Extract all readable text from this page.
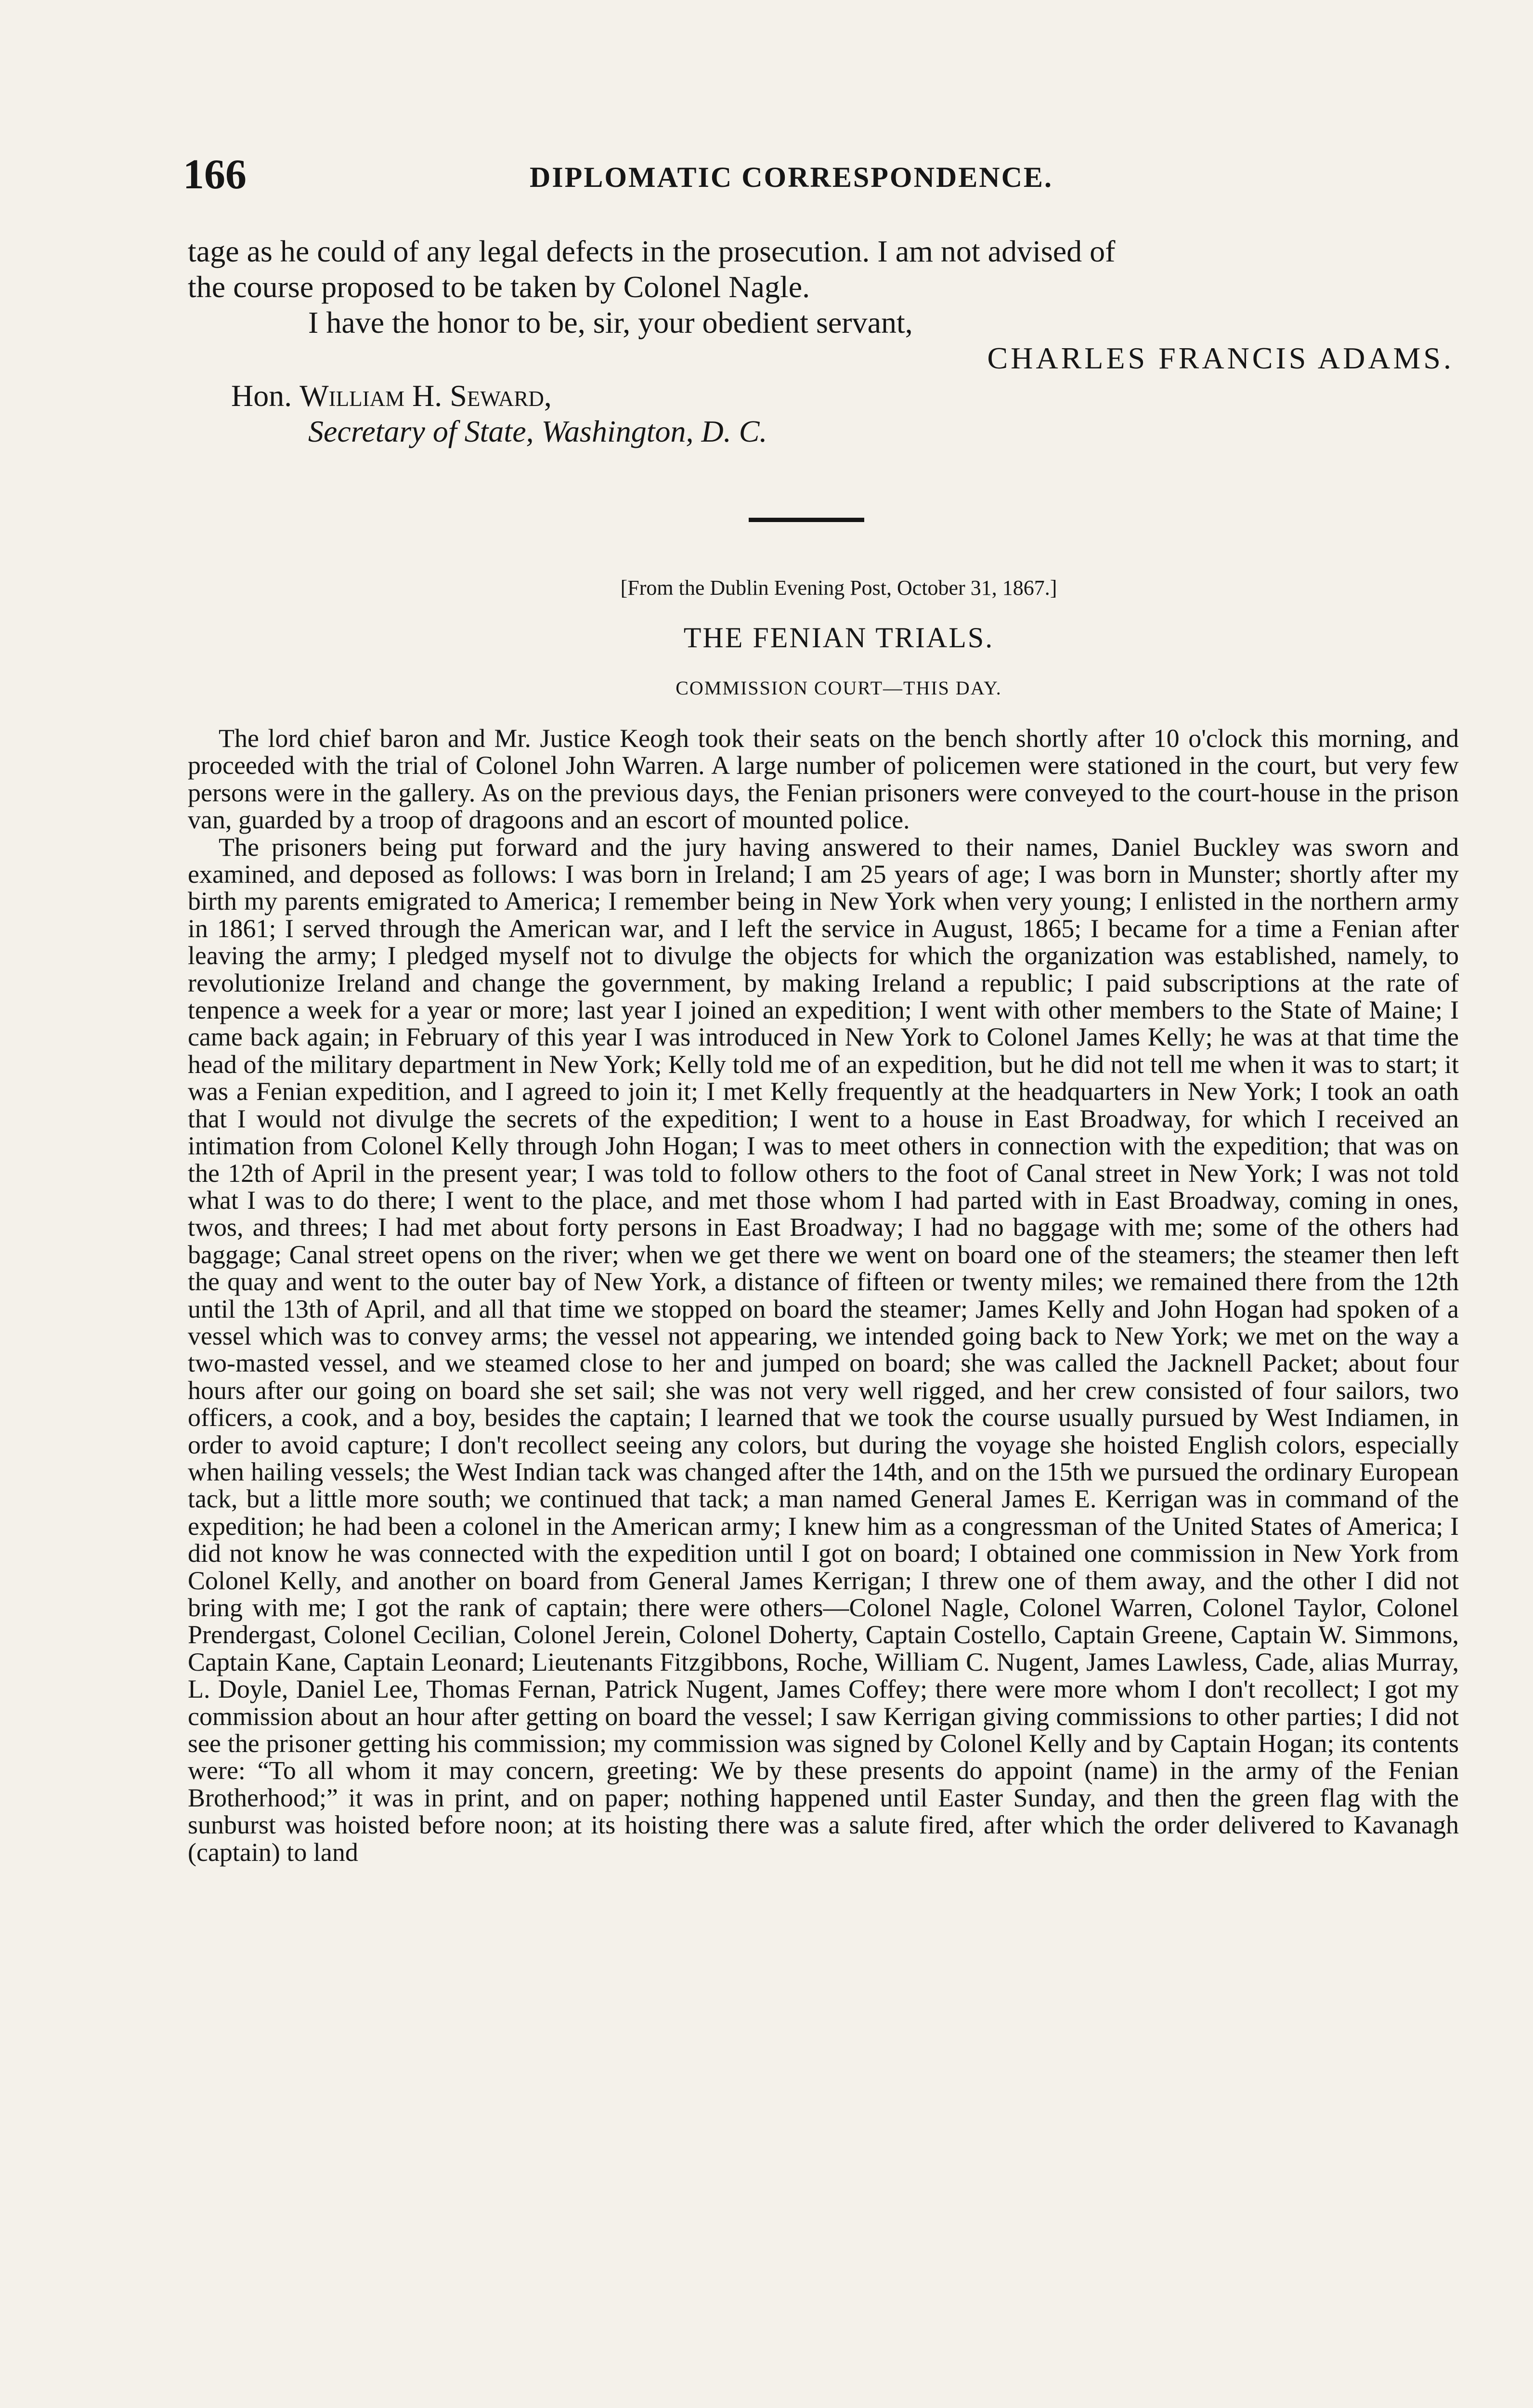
166	DIPLOMATIC CORRESPONDENCE.
tage as he could of any legal defects in the prosecution. I am not advised of
the course proposed to be taken by Colonel Nagle.
I have the honor to be, sir, your obedient servant,
CHARLES FRANCIS ADAMS.
Hon. William H. Seward,
Secretary of State, Washington, D. C.
[From the Dublin Evening Post, October 31, 1867.]
THE FENIAN TRIALS.
COMMISSION COURT—THIS DAY.

The lord chief baron and Mr. Justice Keogh took their seats on the bench shortly after 10 o'clock this morning, and proceeded with the trial of Colonel John Warren. A large number of policemen were stationed in the court, but very few persons were in the gallery. As on the previous days, the Fenian prisoners were conveyed to the court-house in the prison van, guarded by a troop of dragoons and an escort of mounted police.

The prisoners being put forward and the jury having answered to their names, Daniel Buckley was sworn and examined, and deposed as follows: I was born in Ireland; I am 25 years of age; I was born in Munster; shortly after my birth my parents emigrated to America; I remember being in New York when very young; I enlisted in the northern army in 1861; I served through the American war, and I left the service in August, 1865; I became for a time a Fenian after leaving the army; I pledged myself not to divulge the objects for which the organization was established, namely, to revolutionize Ireland and change the government, by making Ireland a republic; I paid subscriptions at the rate of tenpence a week for a year or more; last year I joined an expedition; I went with other members to the State of Maine; I came back again; in February of this year I was introduced in New York to Colonel James Kelly; he was at that time the head of the military department in New York; Kelly told me of an expedition, but he did not tell me when it was to start; it was a Fenian expedition, and I agreed to join it; I met Kelly frequently at the headquarters in New York; I took an oath that I would not divulge the secrets of the expedition; I went to a house in East Broadway, for which I received an intimation from Colonel Kelly through John Hogan; I was to meet others in connection with the expedition; that was on the 12th of April in the present year; I was told to follow others to the foot of Canal street in New York; I was not told what I was to do there; I went to the place, and met those whom I had parted with in East Broadway, coming in ones, twos, and threes; I had met about forty persons in East Broadway; I had no baggage with me; some of the others had baggage; Canal street opens on the river; when we get there we went on board one of the steamers; the steamer then left the quay and went to the outer bay of New York, a distance of fifteen or twenty miles; we remained there from the 12th until the 13th of April, and all that time we stopped on board the steamer; James Kelly and John Hogan had spoken of a vessel which was to convey arms; the vessel not appearing, we intended going back to New York; we met on the way a two-masted vessel, and we steamed close to her and jumped on board; she was called the Jacknell Packet; about four hours after our going on board she set sail; she was not very well rigged, and her crew consisted of four sailors, two officers, a cook, and a boy, besides the captain; I learned that we took the course usually pursued by West Indiamen, in order to avoid capture; I don't recollect seeing any colors, but during the voyage she hoisted English colors, especially when hailing vessels; the West Indian tack was changed after the 14th, and on the 15th we pursued the ordinary European tack, but a little more south; we continued that tack; a man named General James E. Kerrigan was in command of the expedition; he had been a colonel in the American army; I knew him as a congressman of the United States of America; I did not know he was connected with the expedition until I got on board; I obtained one commission in New York from Colonel Kelly, and another on board from General James Kerrigan; I threw one of them away, and the other I did not bring with me; I got the rank of captain; there were others—Colonel Nagle, Colonel Warren, Colonel Taylor, Colonel Prendergast, Colonel Cecilian, Colonel Jerein, Colonel Doherty, Captain Costello, Captain Greene, Captain W. Simmons, Captain Kane, Captain Leonard; Lieutenants Fitzgibbons, Roche, William C. Nugent, James Lawless, Cade, alias Murray, L. Doyle, Daniel Lee, Thomas Fernan, Patrick Nugent, James Coffey; there were more whom I don't recollect; I got my commission about an hour after getting on board the vessel; I saw Kerrigan giving commissions to other parties; I did not see the prisoner getting his commission; my commission was signed by Colonel Kelly and by Captain Hogan; its contents were: “To all whom it may concern, greeting: We by these presents do appoint (name) in the army of the Fenian Brotherhood;” it was in print, and on paper; nothing happened until Easter Sunday, and then the green flag with the sunburst was hoisted before noon; at its hoisting there was a salute fired, after which the order delivered to Kavanagh (captain) to land
